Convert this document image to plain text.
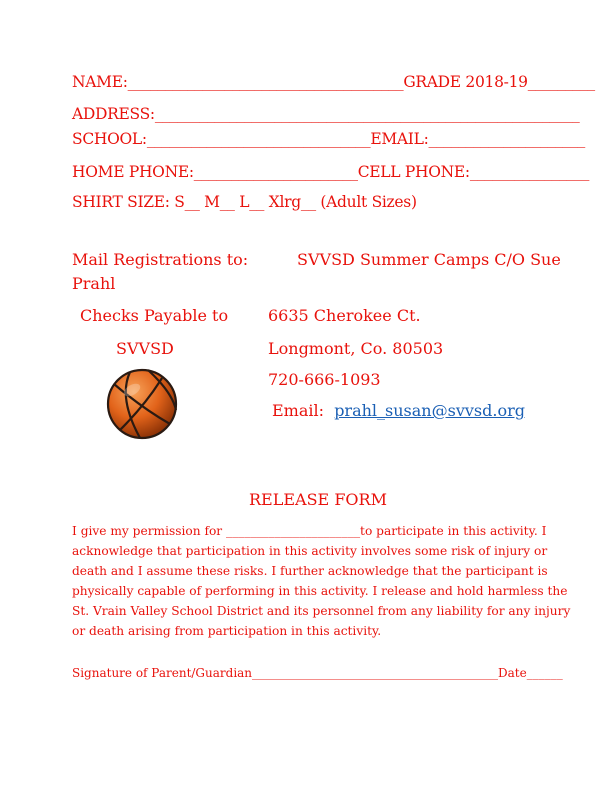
NAME:_____________________________________GRADE 2018-19_________
ADDRESS:_________________________________________________________
SCHOOL:______________________________EMAIL:_____________________
HOME PHONE:______________________CELL PHONE:________________
SHIRT SIZE: S__ M__ L__ Xlrg__ (Adult Sizes)
Mail Registrations to:
Prahl
SVVSD Summer Camps C/O Sue
Checks Payable to
SVVSD
6635 Cherokee Ct.
Longmont, Co. 80503
720-666-1093
Email: prahl_susan@svvsd.org
RELEASE FORM
I give my permission for ______________________to participate in this activity. I
acknowledge that participation in this activity involves some risk of injury or
death and I assume these risks. I further acknowledge that the participant is
physically capable of performing in this activity. I release and hold harmless the
St. Vrain Valley School District and its personnel from any liability for any injury
or death arising from participation in this activity.
Signature of Parent/Guardian_________________________________________Date______
